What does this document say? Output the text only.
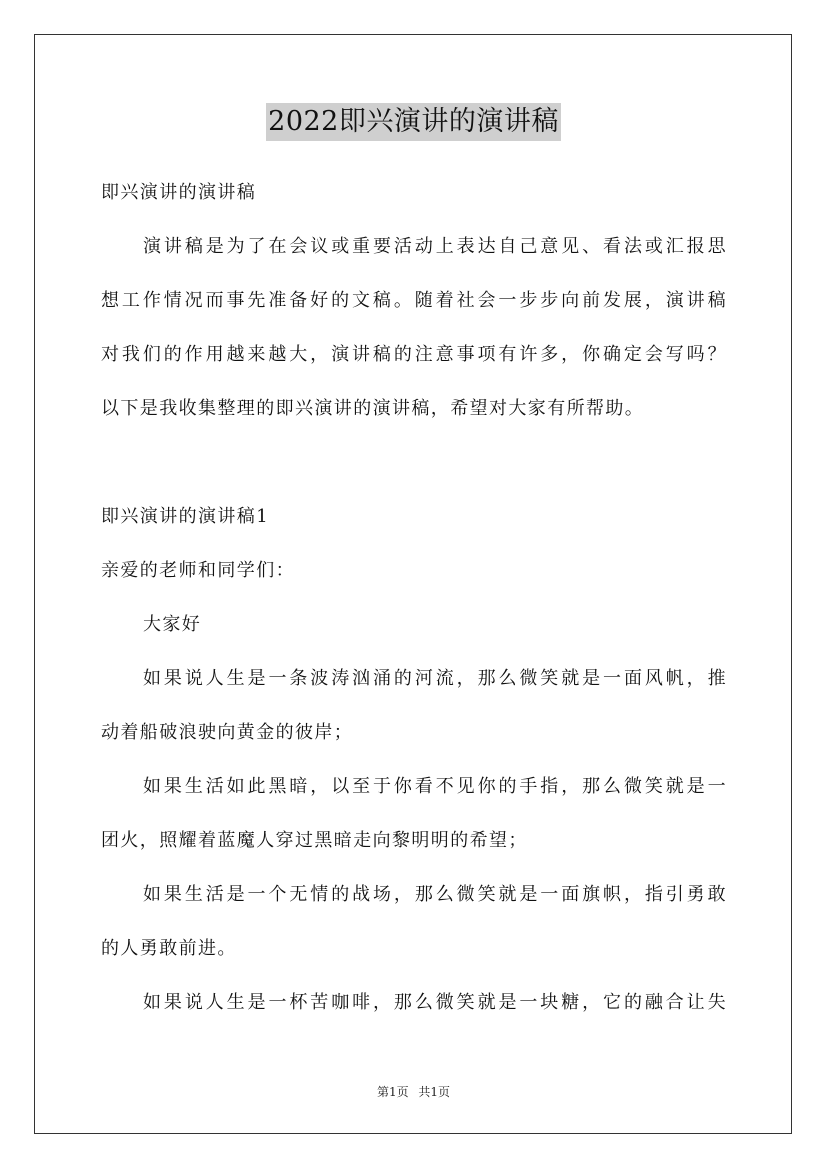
2022即兴演讲的演讲稿
即兴演讲的演讲稿
演讲稿是为了在会议或重要活动上表达自己意见、看法或汇报思
想工作情况而事先准备好的文稿。随着社会一步步向前发展，演讲稿
对我们的作用越来越大，演讲稿的注意事项有许多，你确定会写吗？
以下是我收集整理的即兴演讲的演讲稿，希望对大家有所帮助。
即兴演讲的演讲稿1
亲爱的老师和同学们：
大家好
如果说人生是一条波涛汹涌的河流，那么微笑就是一面风帆，推
动着船破浪驶向黄金的彼岸；
如果生活如此黑暗，以至于你看不见你的手指，那么微笑就是一
团火，照耀着蓝魔人穿过黑暗走向黎明明的希望；
如果生活是一个无情的战场，那么微笑就是一面旗帜，指引勇敢
的人勇敢前进。
如果说人生是一杯苦咖啡，那么微笑就是一块糖，它的融合让失
第1页 共1页
